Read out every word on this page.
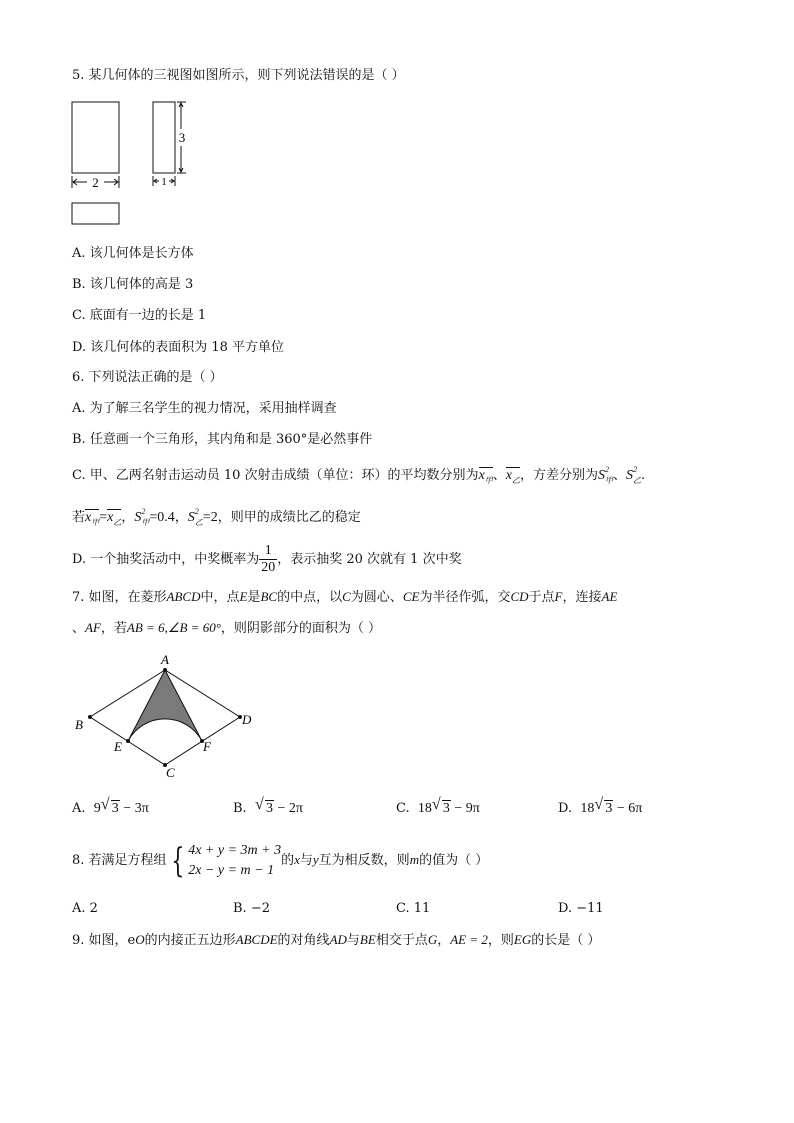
5. 某几何体的三视图如图所示，则下列说法错误的是（ ）
2	1
3
A. 该几何体是长方体
B. 该几何体的高是 3
C. 底面有一边的长是 1
D. 该几何体的表面积为 18 平方单位
6. 下列说法正确的是（ ）
A. 为了解三名学生的视力情况，采用抽样调查
B. 任意画一个三角形，其内角和是 360°是必然事件
C. 甲、乙两名射击运动员 10 次射击成绩（单位：环）的平均数分别为$x_甲$、$x_乙$，方差分别为S 2
甲 、S 2
乙 .
若$x_甲=x_乙$，S 2
甲 =0.4，S 2
乙 =2，则甲的成绩比乙的稳定
D. 一个抽奖活动中，中奖概率为 $\frac{1}{20}$ ，表示抽奖 20 次就有 1 次中奖
7. 如图，在菱形ABCD中，点E是BC的中点，以C为圆心、CE为半径作弧，交CD于点F，连接AE
、AF，若AB = 6,∠B = 60°，则阴影部分的面积为（ ）
A
B
C
D
E	F
A. 9 √ 3 − 3π	B. √ 3 − 2π	C. 18 √ 3 − 9π	D. 18 √ 3 − 6π
8. 若满足方程组 { 4x + y = 3m + 3
2x − y = m − 1
的x与y互为相反数，则m的值为（ ）
A. 2	B. −2	C. 11	D. −11
9. 如图，eO的内接正五边形ABCDE的对角线AD与BE相交于点G，AE = 2，则EG的长是（ ）
